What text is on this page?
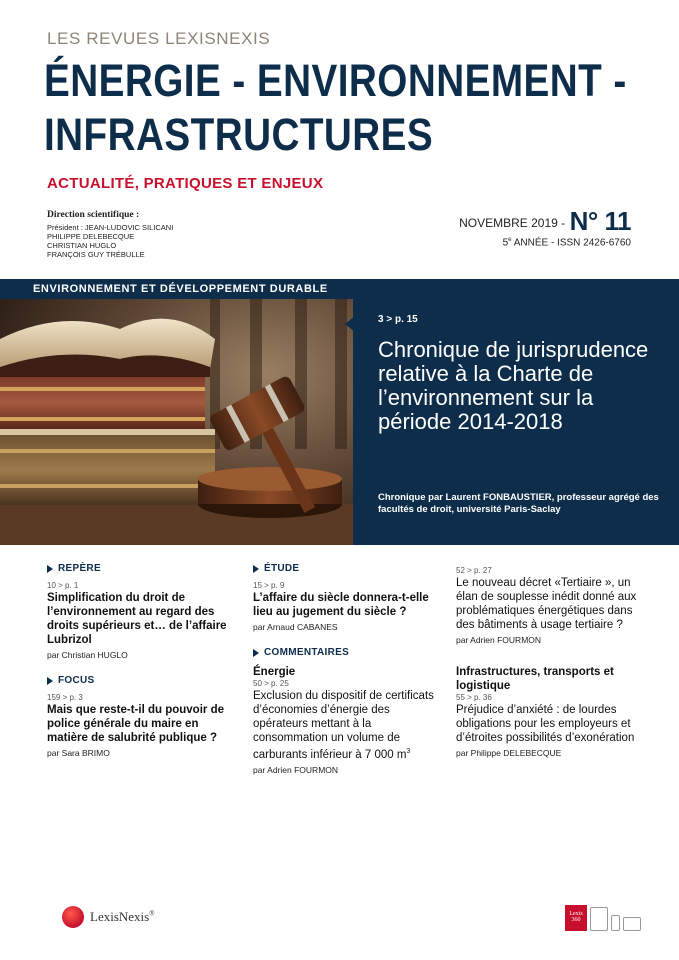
LES REVUES LEXISNEXIS
ÉNERGIE - ENVIRONNEMENT -
INFRASTRUCTURES
ACTUALITÉ, PRATIQUES ET ENJEUX
Direction scientifique :
Président : JEAN-LUDOVIC SILICANI
PHILIPPE DELEBECQUE
CHRISTIAN HUGLO
FRANÇOIS GUY TRÉBULLE
NOVEMBRE 2019 - N° 11
5e ANNÉE - ISSN 2426-6760
ENVIRONNEMENT ET DÉVELOPPEMENT DURABLE
3 > p. 15
Chronique de jurisprudence relative à la Charte de l’environnement sur la période 2014-2018
Chronique par Laurent FONBAUSTIER, professeur agrégé des facultés de droit, université Paris-Saclay
REPÈRE
10 > p. 1
Simplification du droit de l’environnement au regard des droits supérieurs et… de l’affaire Lubrizol
par Christian HUGLO
FOCUS
159 > p. 3
Mais que reste-t-il du pouvoir de police générale du maire en matière de salubrité publique ?
par Sara BRIMO
ÉTUDE
15 > p. 9
L’affaire du siècle donnera-t-elle lieu au jugement du siècle ?
par Arnaud CABANES
COMMENTAIRES
Énergie
50 > p. 25
Exclusion du dispositif de certificats d’économies d’énergie des opérateurs mettant à la consommation un volume de carburants inférieur à 7 000 $m^3$
par Adrien FOURMON
52 > p. 27
Le nouveau décret «Tertiaire », un élan de souplesse inédit donné aux problématiques énergétiques dans des bâtiments à usage tertiaire ?
par Adrien FOURMON
Infrastructures, transports et logistique
55 > p. 36
Préjudice d’anxiété : de lourdes obligations pour les employeurs et d’étroites possibilités d’exonération
par Philippe DELEBECQUE
LexisNexis®	Lexis 360
